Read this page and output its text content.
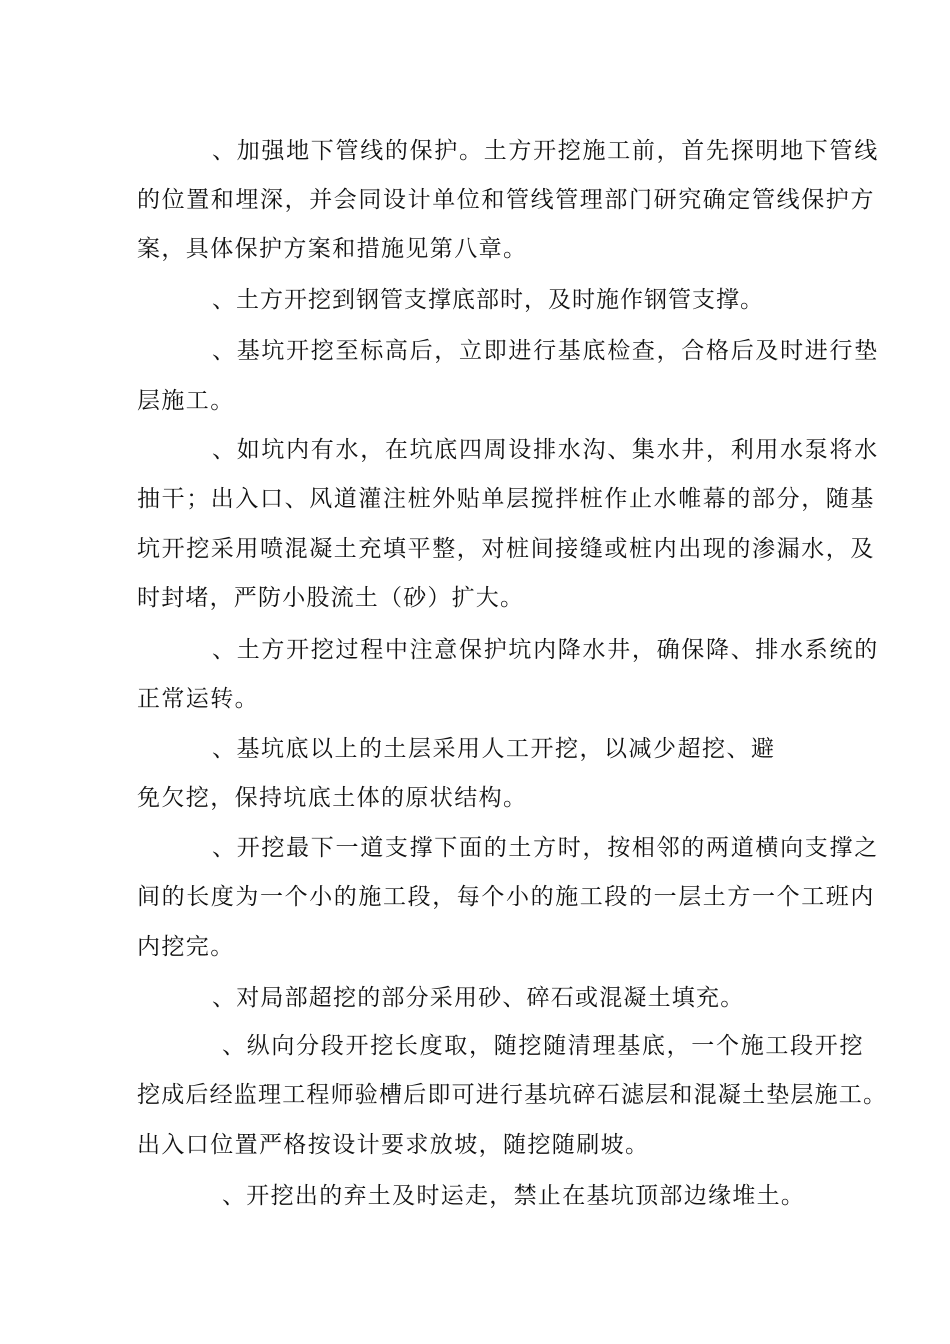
、加强地下管线的保护。土方开挖施工前，首先探明地下管线

的位置和埋深，并会同设计单位和管线管理部门研究确定管线保护方

案，具体保护方案和措施见第八章。

、土方开挖到钢管支撑底部时，及时施作钢管支撑。

、基坑开挖至标高后，立即进行基底检查，合格后及时进行垫

层施工。

、如坑内有水，在坑底四周设排水沟、集水井，利用水泵将水

抽干；出入口、风道灌注桩外贴单层搅拌桩作止水帷幕的部分，随基

坑开挖采用喷混凝土充填平整，对桩间接缝或桩内出现的渗漏水，及

时封堵，严防小股流土（砂）扩大。

、土方开挖过程中注意保护坑内降水井，确保降、排水系统的

正常运转。

、基坑底以上的土层采用人工开挖，以减少超挖、避

免欠挖，保持坑底土体的原状结构。

、开挖最下一道支撑下面的土方时，按相邻的两道横向支撑之

间的长度为一个小的施工段，每个小的施工段的一层土方一个工班内

内挖完。

、对局部超挖的部分采用砂、碎石或混凝土填充。

、纵向分段开挖长度取，随挖随清理基底，一个施工段开挖

挖成后经监理工程师验槽后即可进行基坑碎石滤层和混凝土垫层施工。

出入口位置严格按设计要求放坡，随挖随刷坡。

、开挖出的弃土及时运走，禁止在基坑顶部边缘堆土。
